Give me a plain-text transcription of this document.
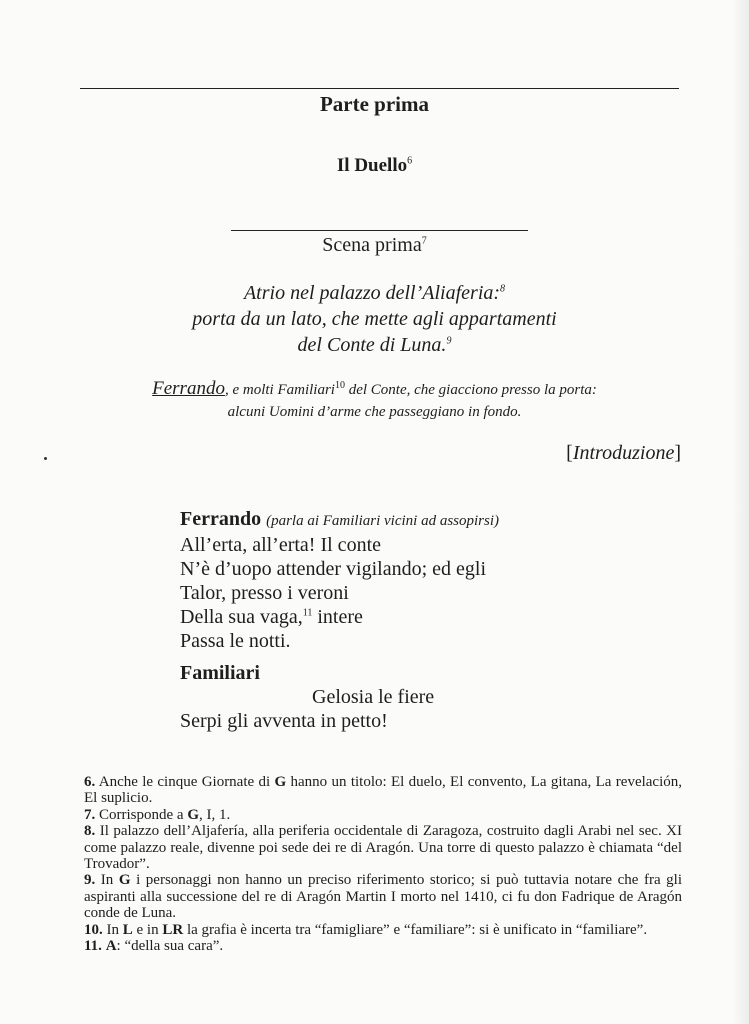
Parte prima
Il Duello$^6$
Scena prima$^7$
Atrio nel palazzo dell’Aliaferia:$^8$
porta da un lato, che mette agli appartamenti
del Conte di Luna.$^9$
Ferrando, e molti Familiari$^{10}$ del Conte, che giacciono presso la porta:
alcuni Uomini d’arme che passeggiano in fondo.
[Introduzione]
Ferrando (parla ai Familiari vicini ad assopirsi)
All’erta, all’erta! Il conte
N’è d’uopo attender vigilando; ed egli
Talor, presso i veroni
Della sua vaga,$^{11}$ intere
Passa le notti.
Familiari
Gelosia le fiere
Serpi gli avventa in petto!

6. Anche le cinque Giornate di G hanno un titolo: El duelo, El convento, La gitana, La revelación, El suplicio.

7. Corrisponde a G, I, 1.

8. Il palazzo dell’Aljafería, alla periferia occidentale di Zaragoza, costruito dagli Arabi nel sec. XI come palazzo reale, divenne poi sede dei re di Aragón. Una torre di questo palazzo è chiamata “del Trovador”.

9. In G i personaggi non hanno un preciso riferimento storico; si può tuttavia notare che fra gli aspiranti alla successione del re di Aragón Martin I morto nel 1410, ci fu don Fadrique de Aragón conde de Luna.

10. In L e in LR la grafia è incerta tra “famigliare” e “familiare”: si è unificato in “familiare”.

11. A: “della sua cara”.
